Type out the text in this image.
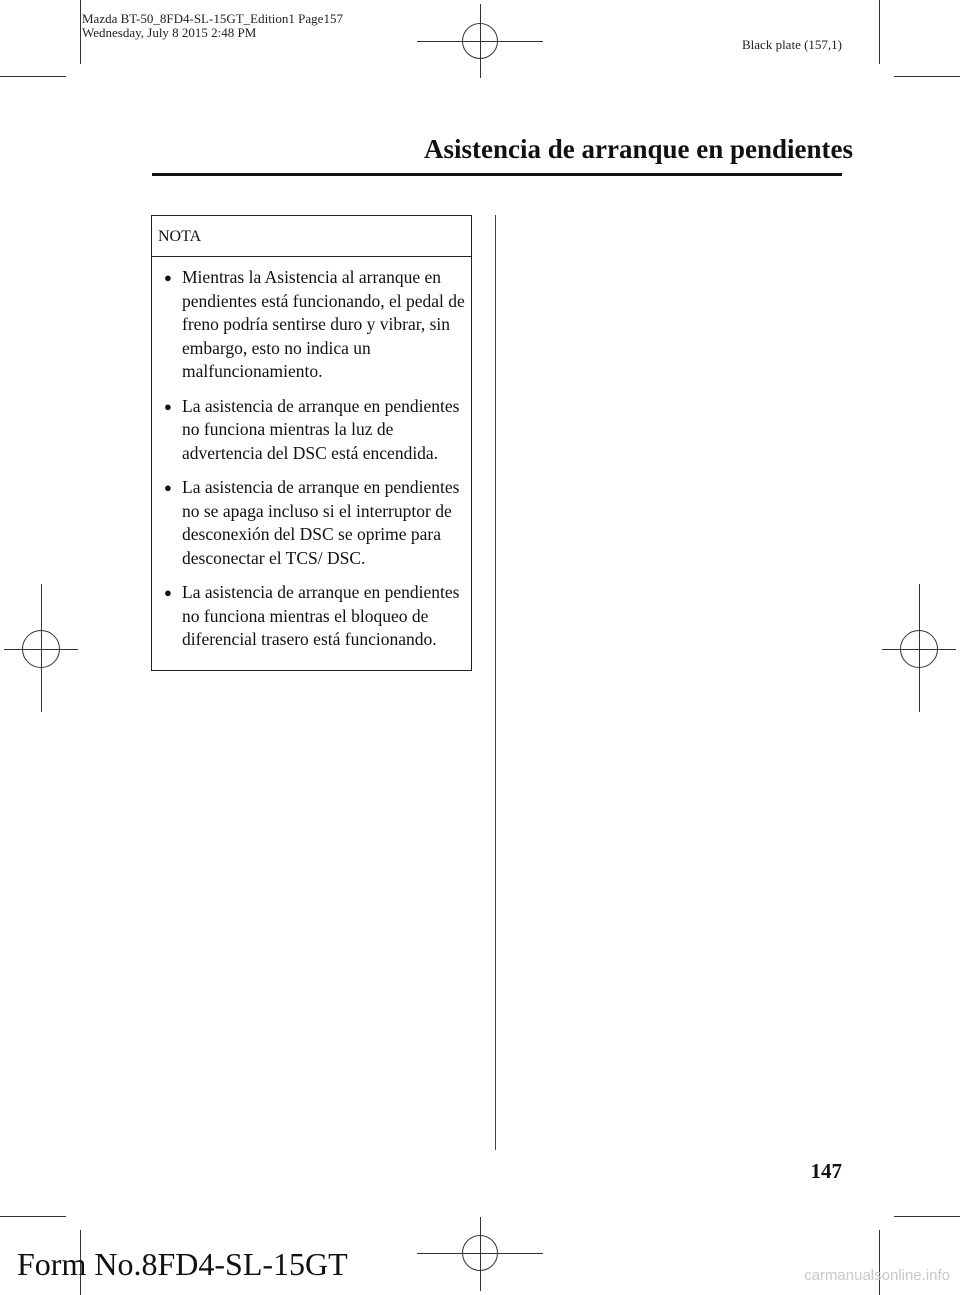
Mazda BT-50_8FD4-SL-15GT_Edition1 Page157
Wednesday, July 8 2015 2:48 PM
Black plate (157,1)
Asistencia de arranque en pendientes
NOTA
● Mientras la Asistencia al arranque en pendientes está funcionando, el pedal de freno podría sentirse duro y vibrar, sin embargo, esto no indica un malfuncionamiento.
● La asistencia de arranque en pendientes no funciona mientras la luz de advertencia del DSC está encendida.
● La asistencia de arranque en pendientes no se apaga incluso si el interruptor de desconexión del DSC se oprime para desconectar el TCS/ DSC.
● La asistencia de arranque en pendientes no funciona mientras el bloqueo de diferencial trasero está funcionando.
147
Form No.8FD4-SL-15GT	carmanualsonline.info
